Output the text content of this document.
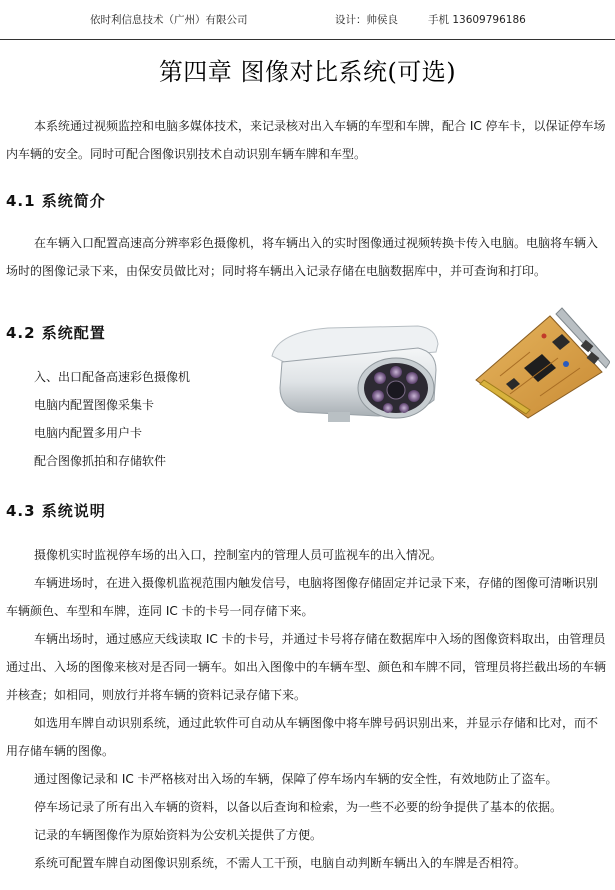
依时利信息技术（广州）有限公司	设计：帅侯良	手机 13609796186
第四章 图像对比系统(可选)

本系统通过视频监控和电脑多媒体技术，来记录核对出入车辆的车型和车牌，配合 IC 停车卡，以保证停车场内车辆的安全。同时可配合图像识别技术自动识别车辆车牌和车型。

4.1 系统简介

在车辆入口配置高速高分辨率彩色摄像机，将车辆出入的实时图像通过视频转换卡传入电脑。电脑将车辆入场时的图像记录下来，由保安员做比对；同时将车辆出入记录存储在电脑数据库中，并可查询和打印。

4.2 系统配置
入、出口配备高速彩色摄像机
电脑内配置图像采集卡
电脑内配置多用户卡
配合图像抓拍和存储软件
4.3 系统说明

摄像机实时监视停车场的出入口，控制室内的管理人员可监视车的出入情况。

车辆进场时，在进入摄像机监视范围内触发信号，电脑将图像存储固定并记录下来，存储的图像可清晰识别车辆颜色、车型和车牌，连同 IC 卡的卡号一同存储下来。

车辆出场时，通过感应天线读取 IC 卡的卡号，并通过卡号将存储在数据库中入场的图像资料取出，由管理员通过出、入场的图像来核对是否同一辆车。如出入图像中的车辆车型、颜色和车牌不同，管理员将拦截出场的车辆并核查；如相同，则放行并将车辆的资料记录存储下来。

如选用车牌自动识别系统，通过此软件可自动从车辆图像中将车牌号码识别出来，并显示存储和比对，而不用存储车辆的图像。

通过图像记录和 IC 卡严格核对出入场的车辆，保障了停车场内车辆的安全性，有效地防止了盗车。

停车场记录了所有出入车辆的资料，以备以后查询和检索，为一些不必要的纷争提供了基本的依据。

记录的车辆图像作为原始资料为公安机关提供了方便。

系统可配置车牌自动图像识别系统，不需人工干预，电脑自动判断车辆出入的车牌是否相符。
